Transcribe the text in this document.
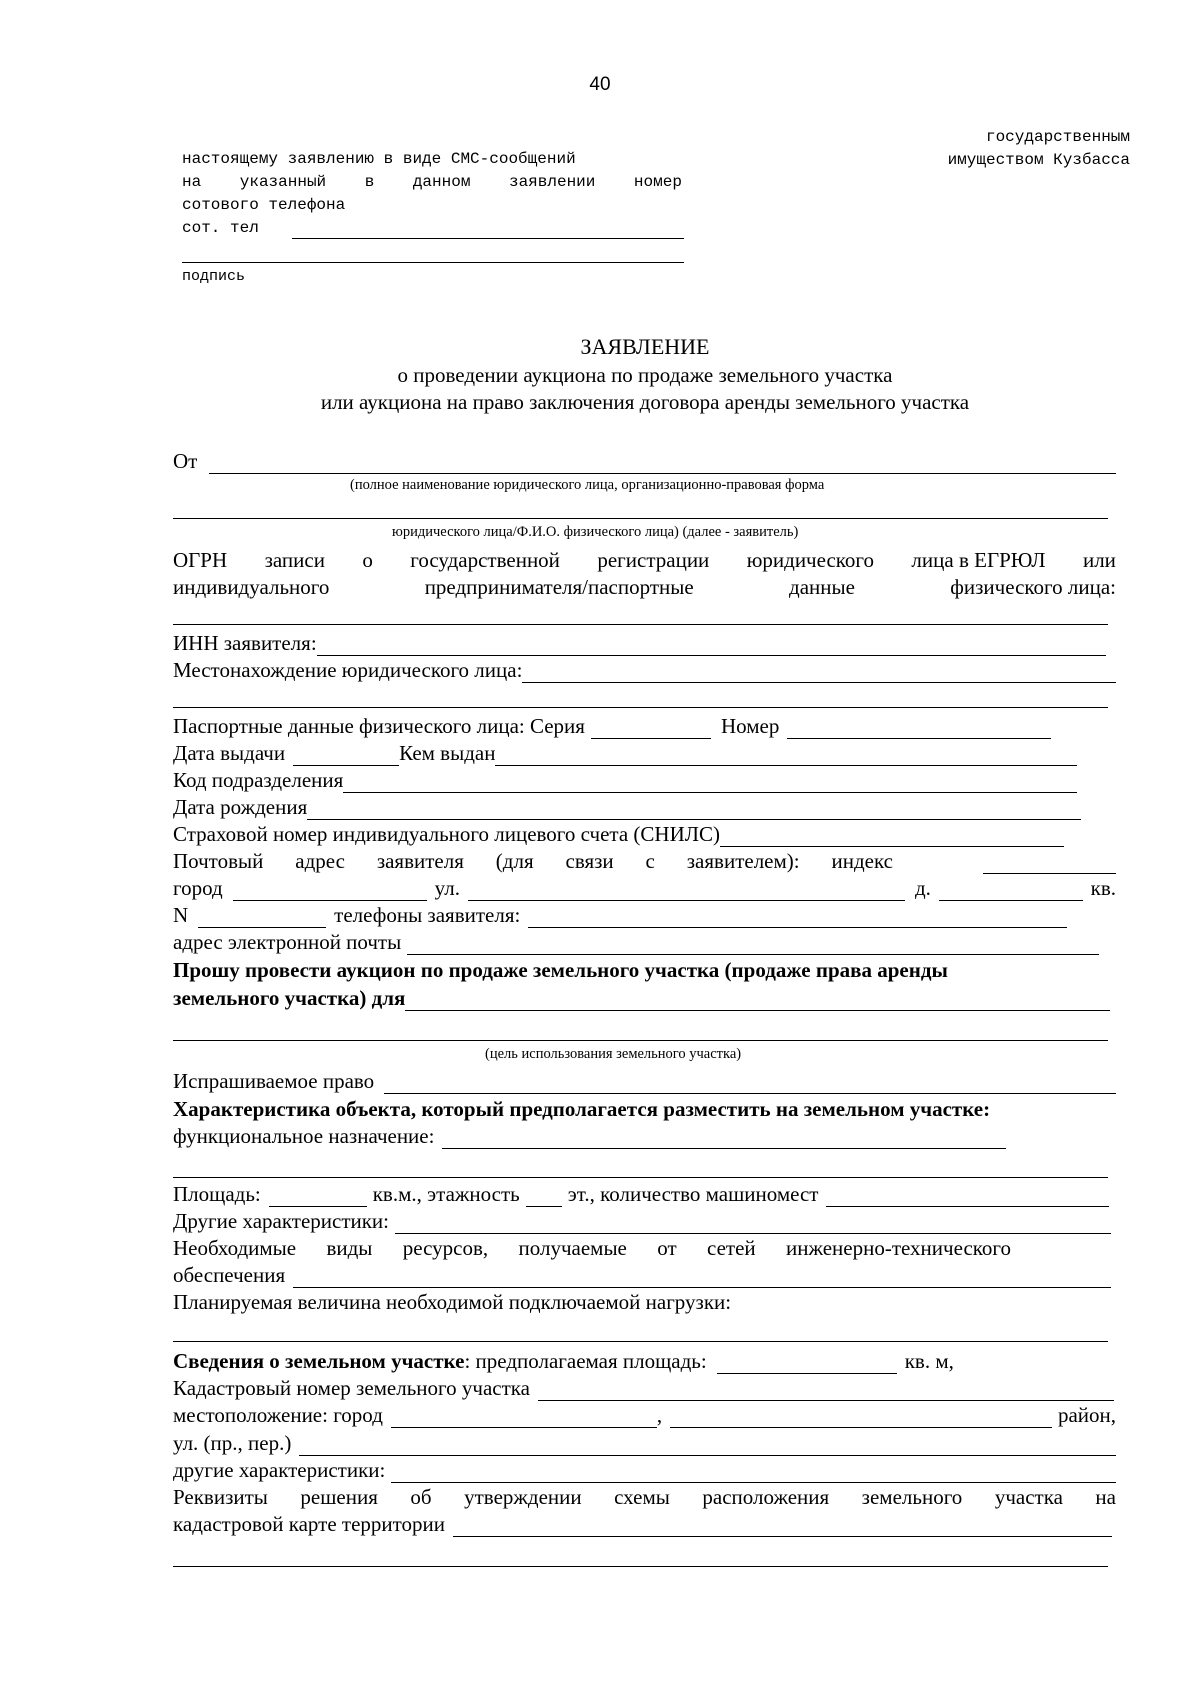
40
настоящему заявлению в виде СМС-сообщений
на указанный в данном заявлении номер
сотового телефона
сот. тел
подпись
государственным
имуществом Кузбасса
ЗАЯВЛЕНИЕ
о проведении аукциона по продаже земельного участка
или аукциона на право заключения договора аренды земельного участка
От
(полное наименование юридического лица, организационно-правовая форма
юридического лица/Ф.И.О. физического лица) (далее - заявитель)
ОГРН записи о государственной регистрации юридического лица в ЕГРЮЛ или
индивидуального	предпринимателя/паспортные	данные	физического лица:
ИНН заявителя:
Местонахождение юридического лица:
Паспортные данные физического лица: Серия	Номер
Дата выдачи	Кем выдан
Код подразделения
Дата рождения
Страховой номер индивидуального лицевого счета (СНИЛС)
Почтовый адрес заявителя (для связи с заявителем): индекс
город	ул.	д.	кв.
N	телефоны заявителя:
адрес электронной почты
Прошу провести аукцион по продаже земельного участка (продаже права аренды
земельного участка) для
(цель использования земельного участка)
Испрашиваемое право
Характеристика объекта, который предполагается разместить на земельном участке:
функциональное назначение:
Площадь:	кв.м., этажность эт., количество машиномест
Другие характеристики:
Необходимые виды ресурсов, получаемые от сетей инженерно-технического
обеспечения
Планируемая величина необходимой подключаемой нагрузки:
Сведения о земельном участке : предполагаемая площадь:	кв. м,
Кадастровый номер земельного участка
местоположение: город	,	район,
ул. (пр., пер.)
другие характеристики:
Реквизиты решения об утверждении схемы расположения земельного участка на
кадастровой карте территории
